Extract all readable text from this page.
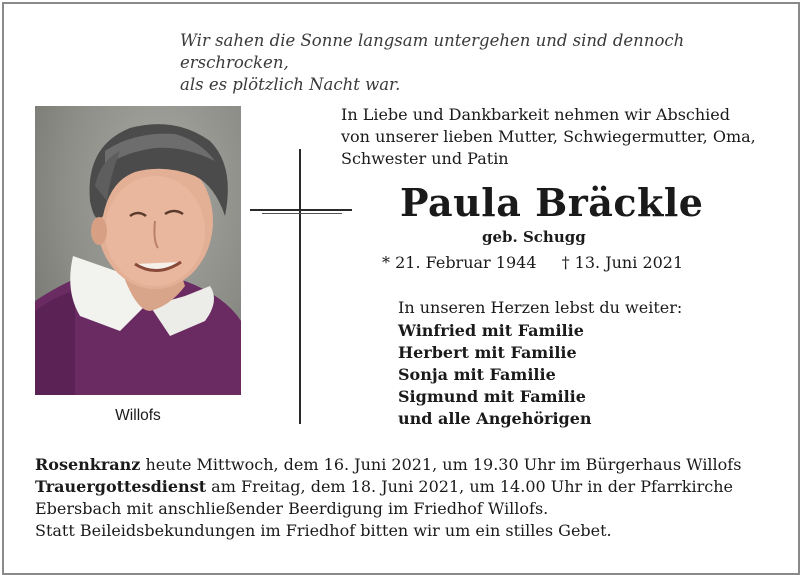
Wir sahen die Sonne langsam untergehen und sind dennoch erschrocken,
als es plötzlich Nacht war.
Willofs
In Liebe und Dankbarkeit nehmen wir Abschied
von unserer lieben Mutter, Schwiegermutter, Oma,
Schwester und Patin
Paula Bräckle
geb. Schugg
* 21. Februar 1944 † 13. Juni 2021
In unseren Herzen lebst du weiter:
Winfried mit Familie
Herbert mit Familie
Sonja mit Familie
Sigmund mit Familie
und alle Angehörigen
Rosenkranz heute Mittwoch, dem 16. Juni 2021, um 19.30 Uhr im Bürgerhaus Willofs
Trauergottesdienst am Freitag, dem 18. Juni 2021, um 14.00 Uhr in der Pfarrkirche
Ebersbach mit anschließender Beerdigung im Friedhof Willofs.
Statt Beileidsbekundungen im Friedhof bitten wir um ein stilles Gebet.
